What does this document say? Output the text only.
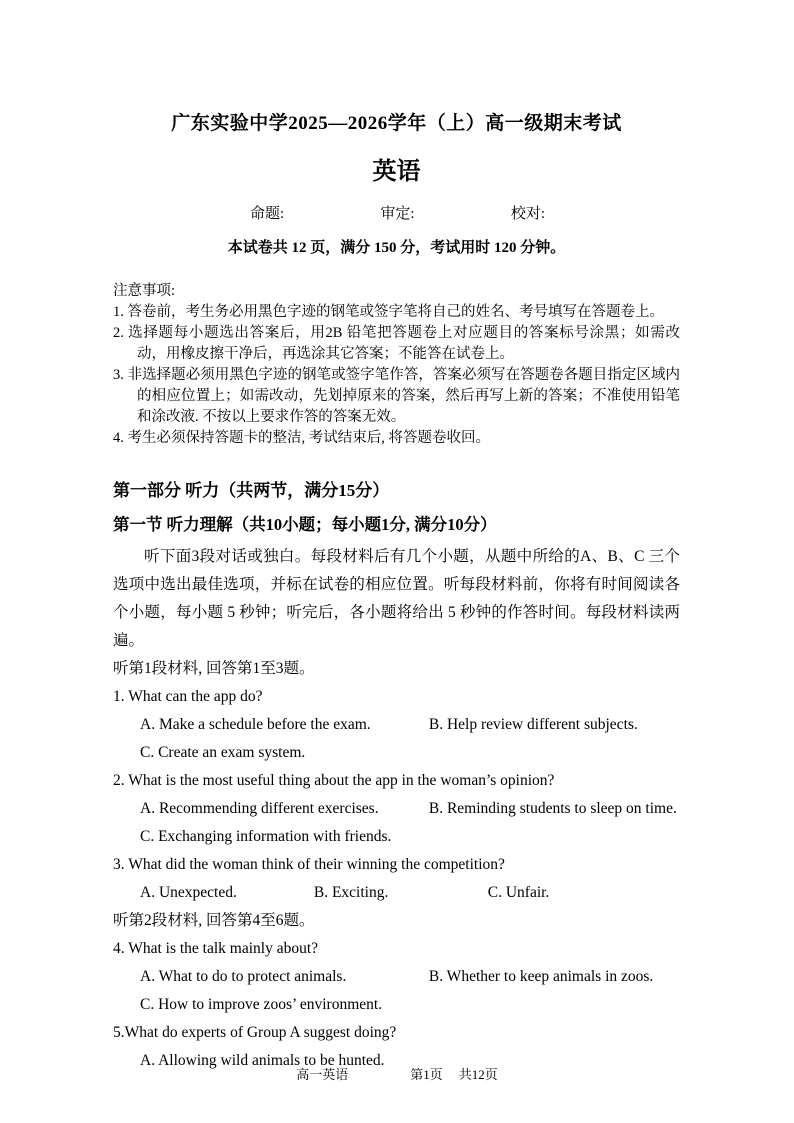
广东实验中学2025—2026学年（上）高一级期末考试
英语
命题:	审定:	校对:

本试卷共 12 页，满分 150 分，考试用时 120 分钟。

注意事项:

1. 答卷前，考生务必用黑色字迹的钢笔或签字笔将自己的姓名、考号填写在答题卷上。

2. 选择题每小题选出答案后，用2B 铅笔把答题卷上对应题目的答案标号涂黑；如需改动，用橡皮擦干净后，再选涂其它答案；不能答在试卷上。

3. 非选择题必须用黑色字迹的钢笔或签字笔作答，答案必须写在答题卷各题目指定区域内的相应位置上；如需改动，先划掉原来的答案，然后再写上新的答案；不准使用铅笔和涂改液. 不按以上要求作答的答案无效。

4. 考生必须保持答题卡的整洁, 考试结束后, 将答题卷收回。

第一部分 听力（共两节，满分15分）

第一节 听力理解（共10小题；每小题1分, 满分10分）

听下面3段对话或独白。每段材料后有几个小题，从题中所给的A、B、C 三个选项中选出最佳选项，并标在试卷的相应位置。听每段材料前，你将有时间阅读各个小题，每小题 5 秒钟；听完后，各小题将给出 5 秒钟的作答时间。每段材料读两遍。

听第1段材料, 回答第1至3题。

1. What can the app do?

A. Make a schedule before the exam.	B. Help review different subjects.

C. Create an exam system.

2. What is the most useful thing about the app in the woman’s opinion?

A. Recommending different exercises.	B. Reminding students to sleep on time.

C. Exchanging information with friends.

3. What did the woman think of their winning the competition?

A. Unexpected.	B. Exciting.	C. Unfair.

听第2段材料, 回答第4至6题。

4. What is the talk mainly about?

A. What to do to protect animals.	B. Whether to keep animals in zoos.

C. How to improve zoos’ environment.

5.What do experts of Group A suggest doing?

A. Allowing wild animals to be hunted.

高一英语	第1页 共12页
